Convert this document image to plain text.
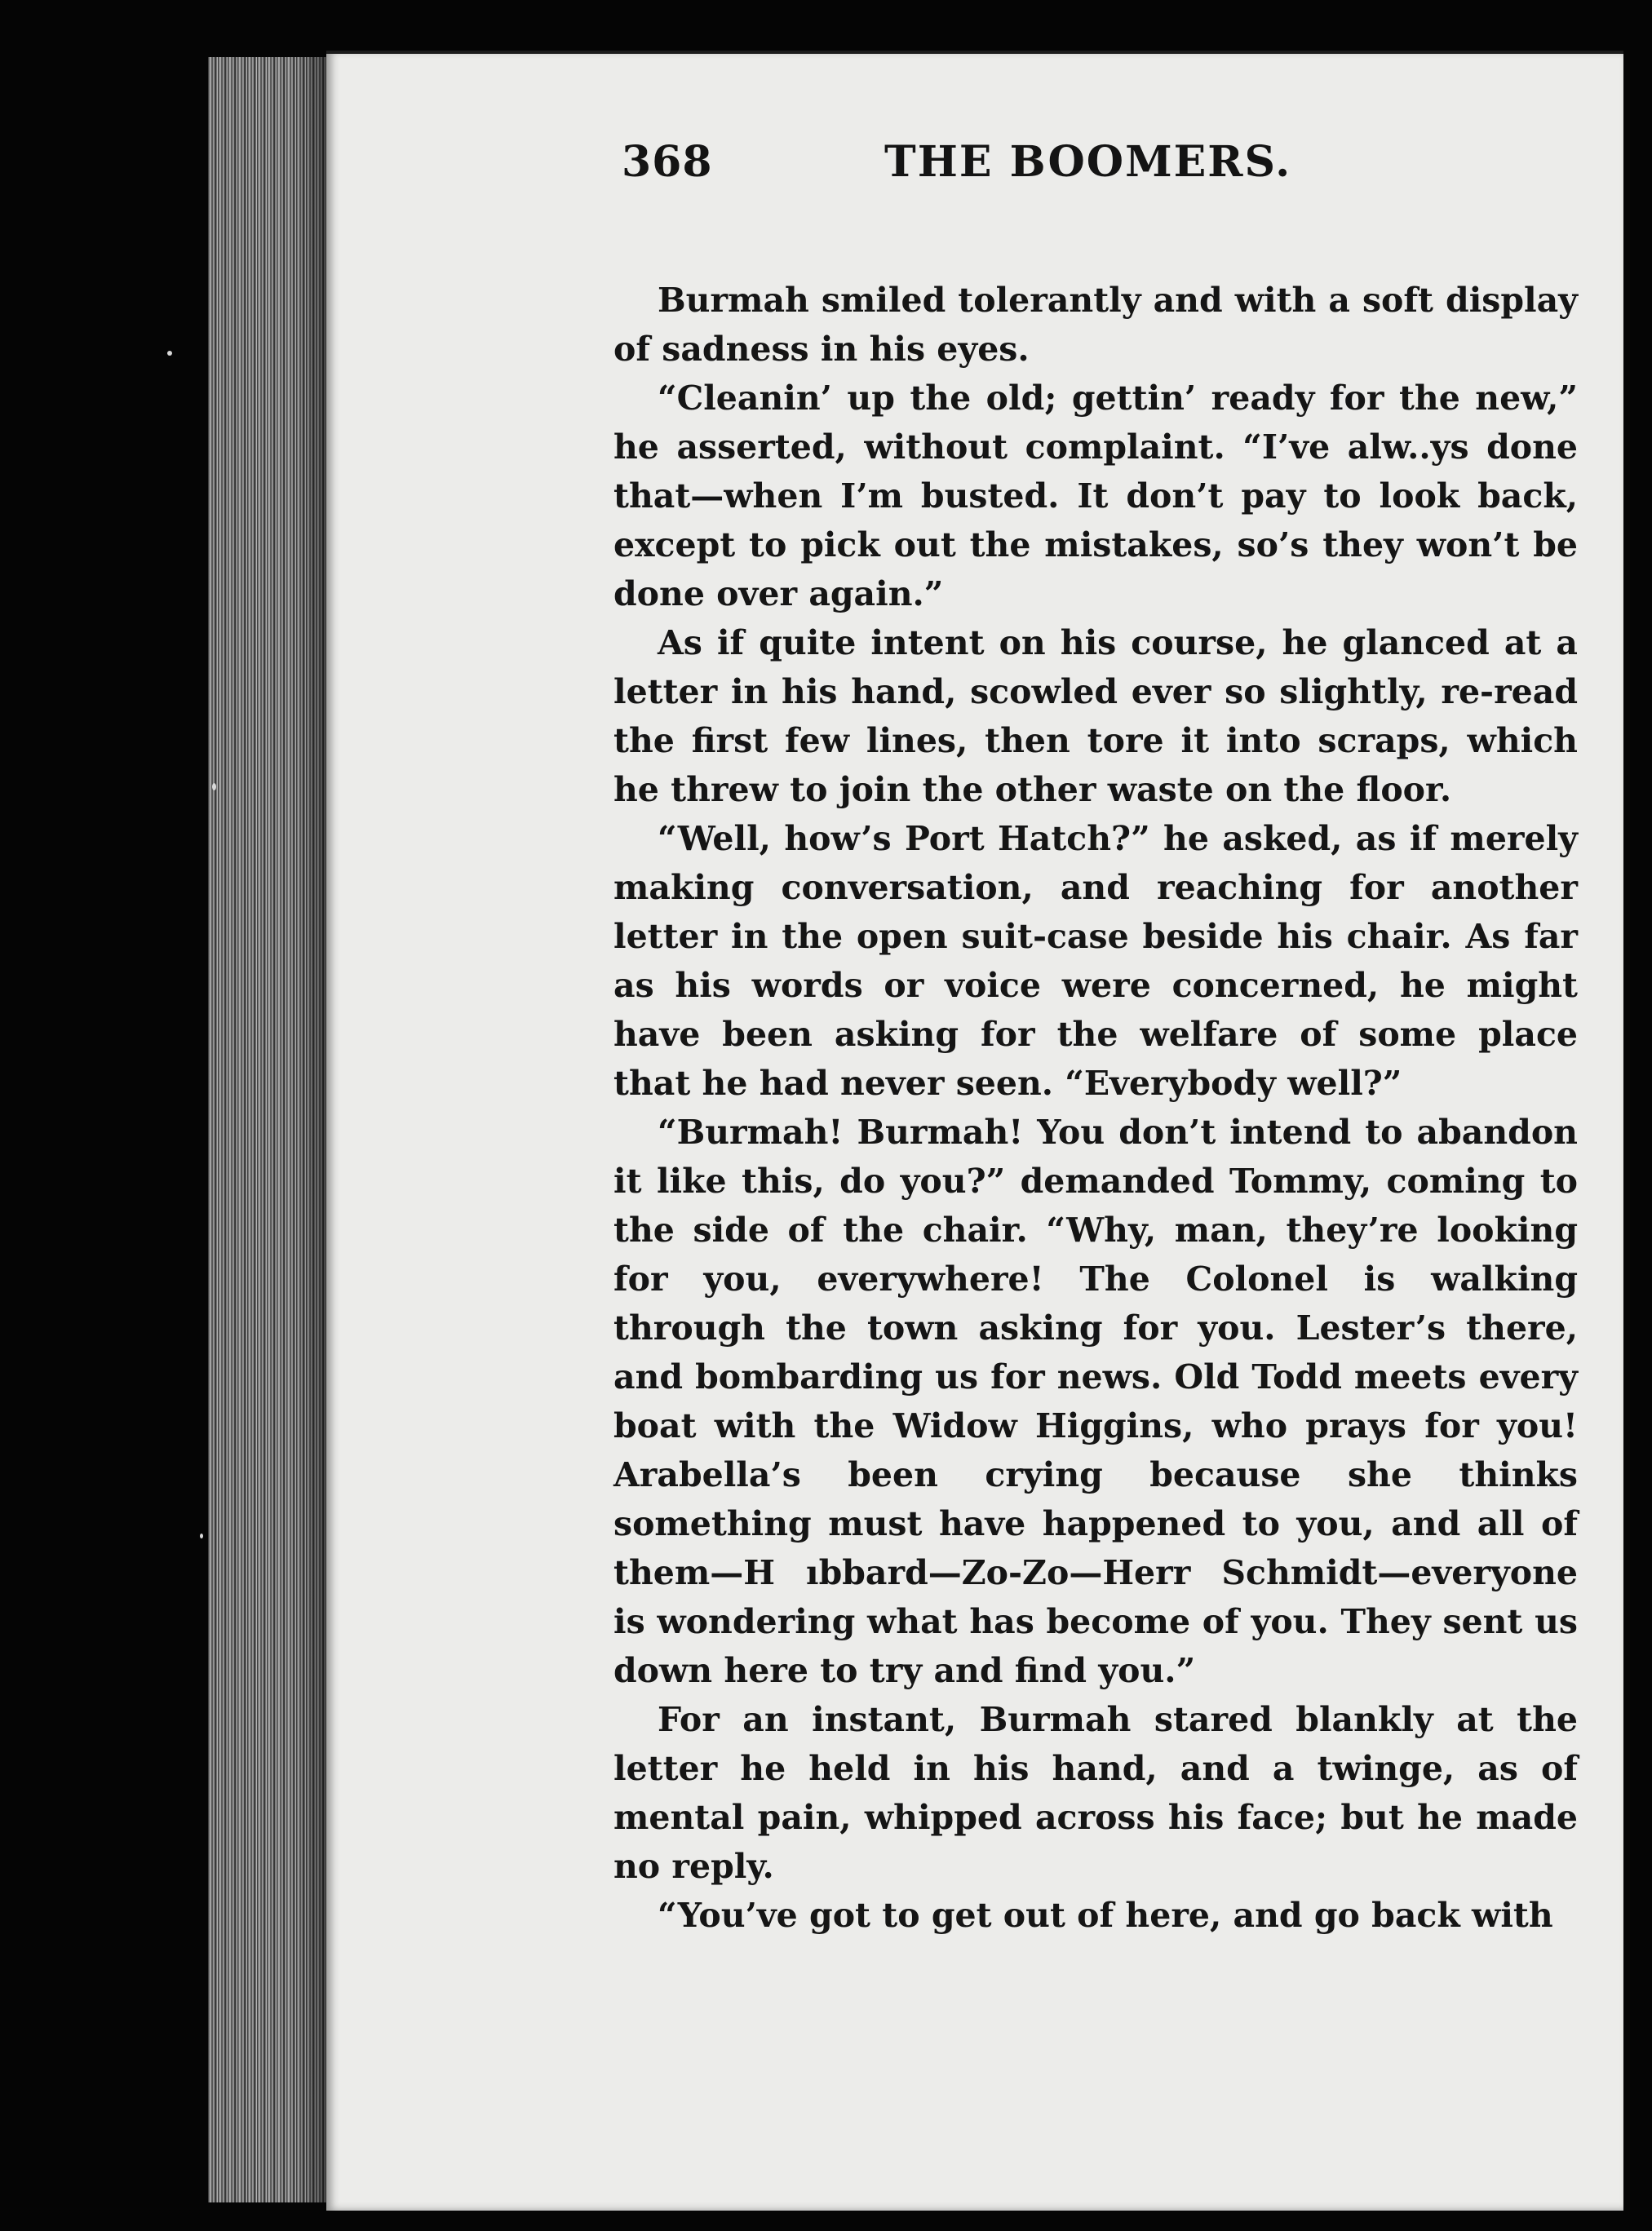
368	THE BOOMERS.

Burmah smiled tolerantly and with a soft display of sadness in his eyes.

“Cleanin’ up the old; gettin’ ready for the new,” he asserted, without complaint. “I’ve alw..ys done that—when I’m busted. It don’t pay to look back, except to pick out the mistakes, so’s they won’t be done over again.”

As if quite intent on his course, he glanced at a letter in his hand, scowled ever so slightly, re-read the first few lines, then tore it into scraps, which he threw to join the other waste on the floor.

“Well, how’s Port Hatch?” he asked, as if merely making conversation, and reaching for another letter in the open suit-case beside his chair. As far as his words or voice were concerned, he might have been asking for the welfare of some place that he had never seen. “Everybody well?”

“Burmah! Burmah! You don’t intend to abandon it like this, do you?” demanded Tommy, coming to the side of the chair. “Why, man, they’re looking for you, everywhere! The Colonel is walking through the town asking for you. Lester’s there, and bombarding us for news. Old Todd meets every boat with the Widow Higgins, who prays for you! Arabella’s been crying because she thinks something must have happened to you, and all of them—H ıbbard—Zo-Zo—Herr Schmidt—everyone is wondering what has become of you. They sent us down here to try and find you.”

For an instant, Burmah stared blankly at the letter he held in his hand, and a twinge, as of mental pain, whipped across his face; but he made no reply.

“You’ve got to get out of here, and go back with
